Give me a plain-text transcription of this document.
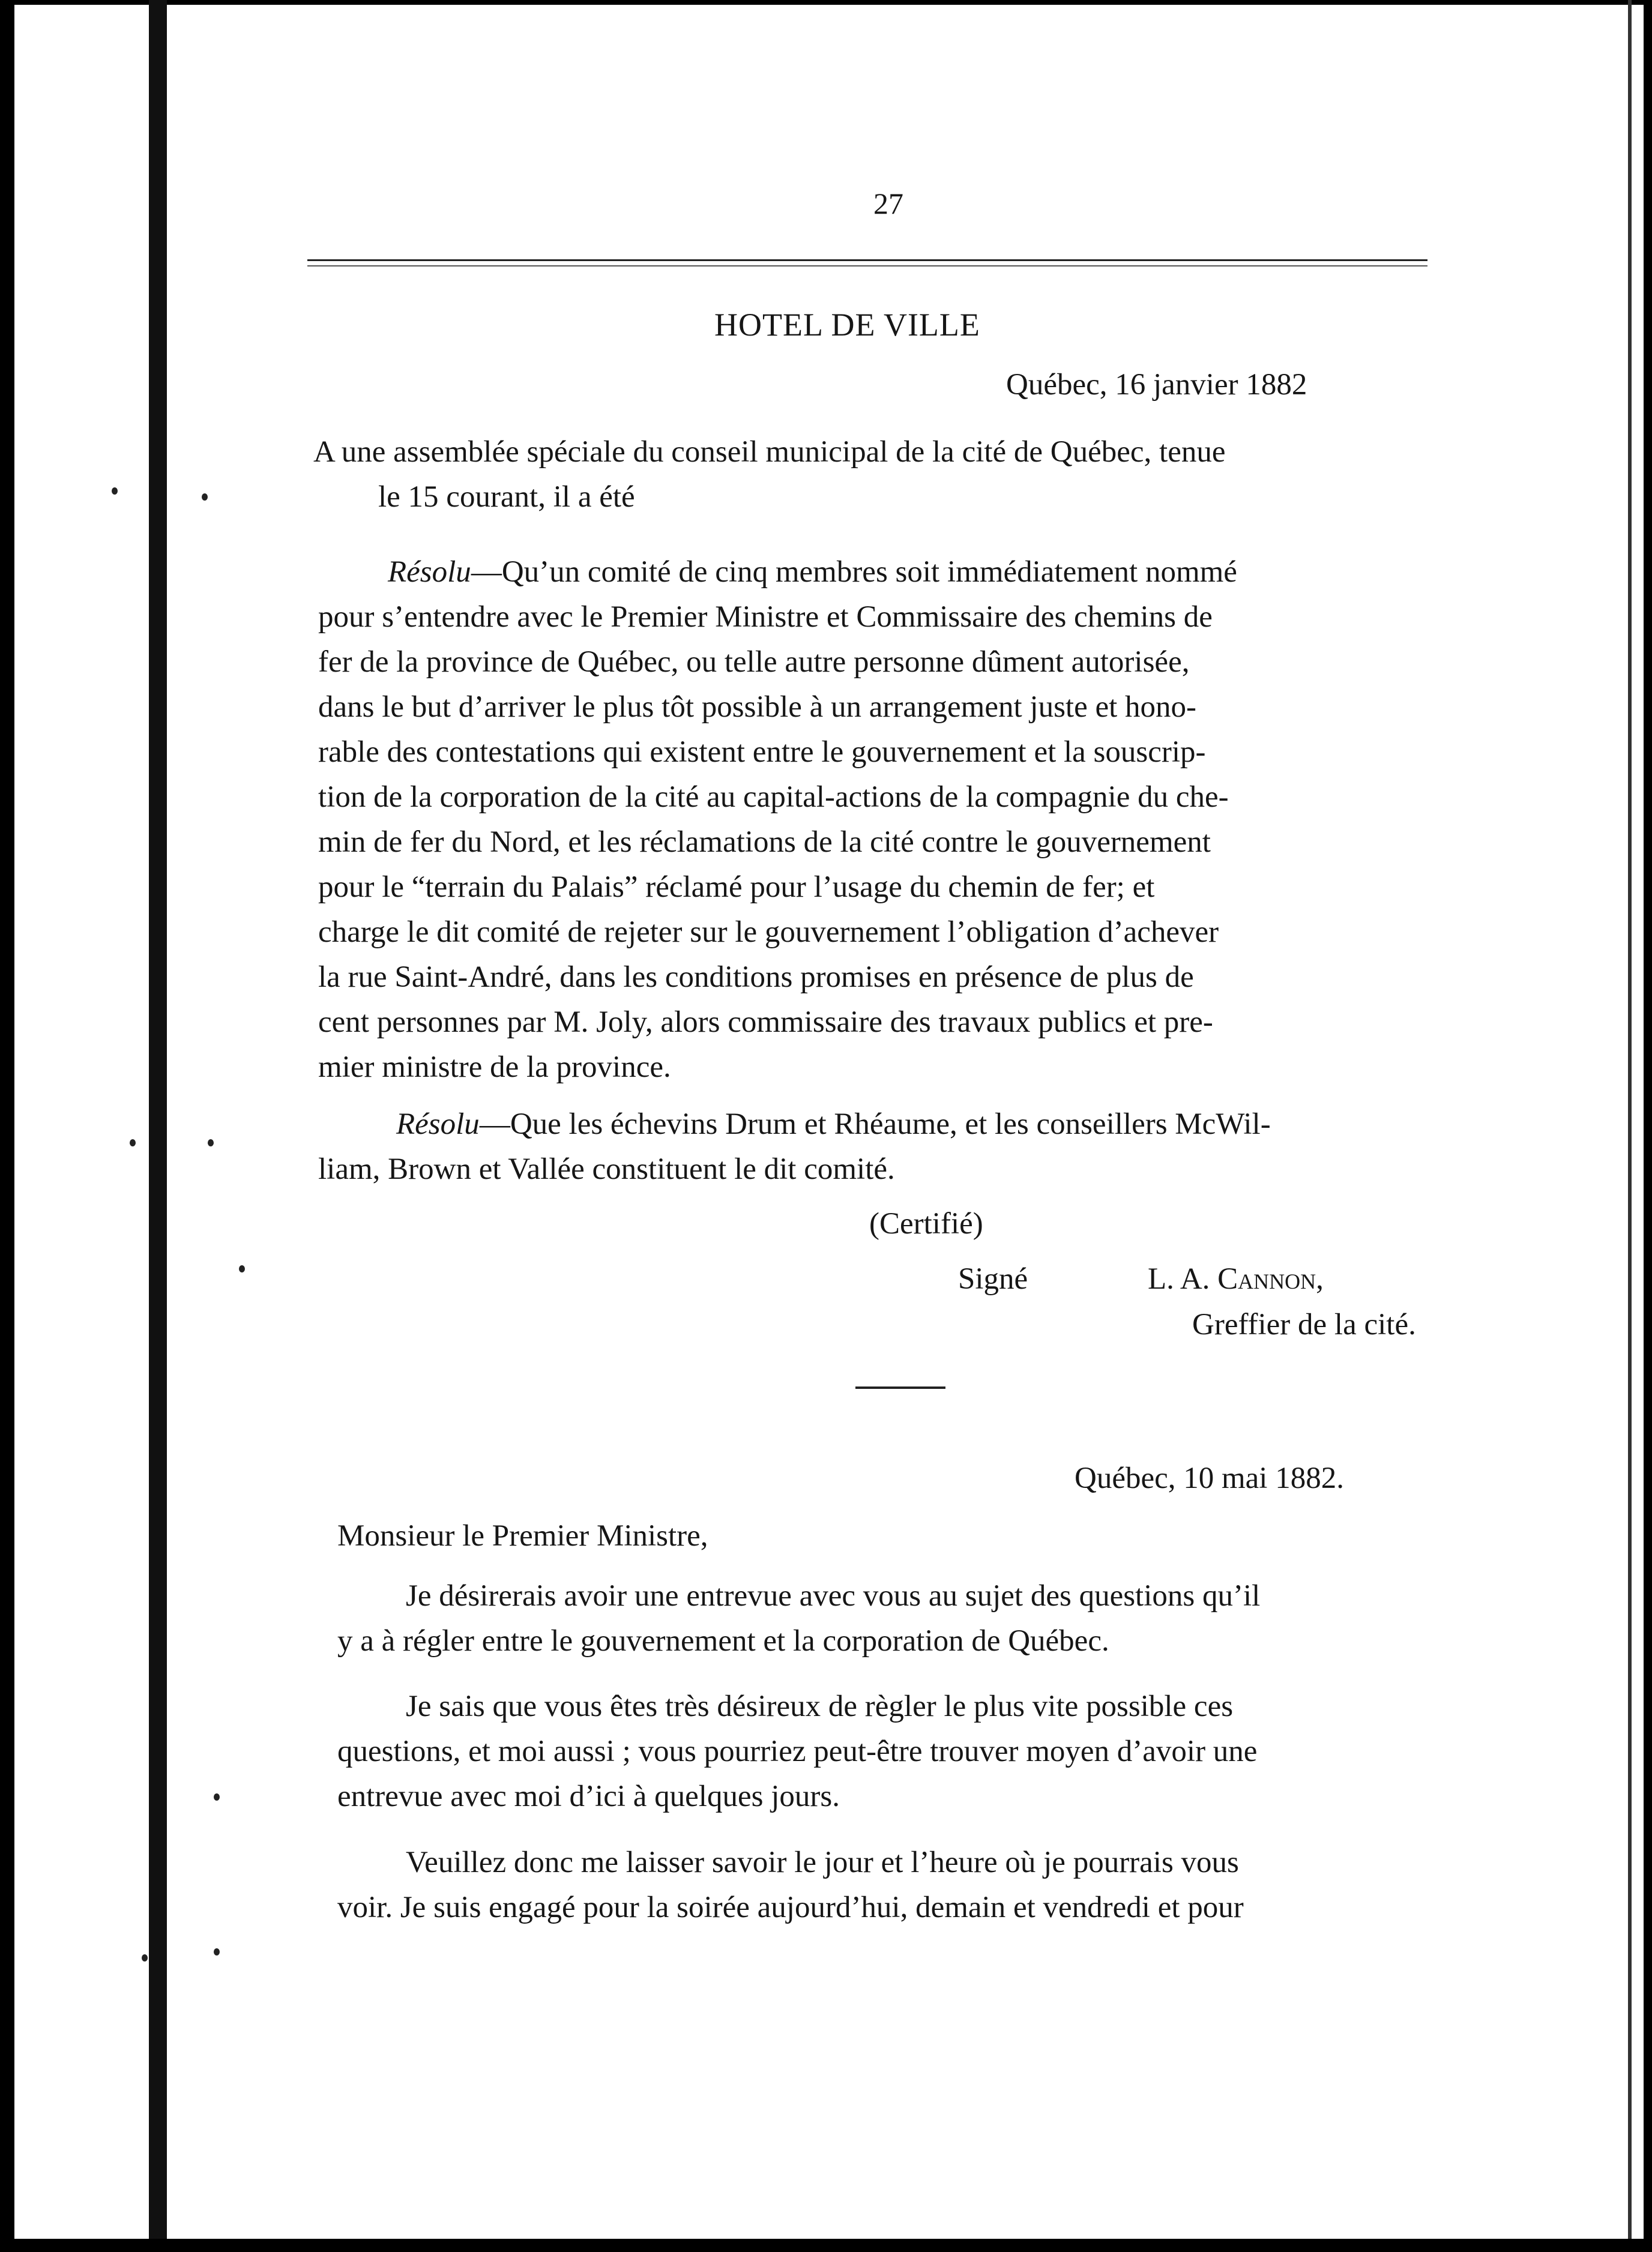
27
HOTEL DE VILLE
Québec, 16 janvier 1882
A une assemblée spéciale du conseil municipal de la cité de Québec, tenue
le 15 courant, il a été
Résolu—Qu’un comité de cinq membres soit immédiatement nommé
pour s’entendre avec le Premier Ministre et Commissaire des chemins de
fer de la province de Québec, ou telle autre personne dûment autorisée,
dans le but d’arriver le plus tôt possible à un arrangement juste et hono-
rable des contestations qui existent entre le gouvernement et la souscrip-
tion de la corporation de la cité au capital-actions de la compagnie du che-
min de fer du Nord, et les réclamations de la cité contre le gouvernement
pour le “terrain du Palais” réclamé pour l’usage du chemin de fer; et
charge le dit comité de rejeter sur le gouvernement l’obligation d’achever
la rue Saint-André, dans les conditions promises en présence de plus de
cent personnes par M. Joly, alors commissaire des travaux publics et pre-
mier ministre de la province.
Résolu—Que les échevins Drum et Rhéaume, et les conseillers McWil-
liam, Brown et Vallée constituent le dit comité.
(Certifié)
Signé	L. A. Cannon,
Greffier de la cité.
Québec, 10 mai 1882.
Monsieur le Premier Ministre,
Je désirerais avoir une entrevue avec vous au sujet des questions qu’il
y a à régler entre le gouvernement et la corporation de Québec.
Je sais que vous êtes très désireux de règler le plus vite possible ces
questions, et moi aussi ; vous pourriez peut-être trouver moyen d’avoir une
entrevue avec moi d’ici à quelques jours.
Veuillez donc me laisser savoir le jour et l’heure où je pourrais vous
voir. Je suis engagé pour la soirée aujourd’hui, demain et vendredi et pour
